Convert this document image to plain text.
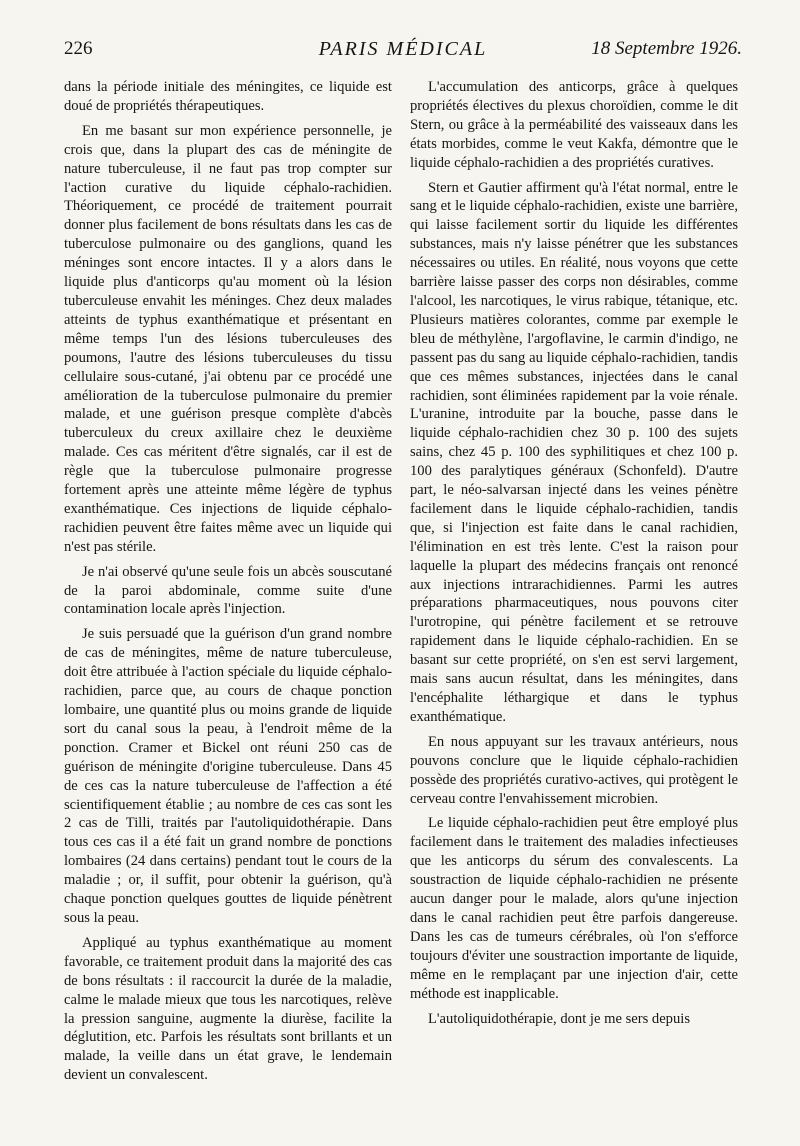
226	PARIS MÉDICAL	18 Septembre 1926.

dans la période initiale des méningites, ce liquide est doué de propriétés thérapeutiques.

En me basant sur mon expérience personnelle, je crois que, dans la plupart des cas de méningite de nature tuberculeuse, il ne faut pas trop compter sur l'action curative du liquide céphalo-rachidien. Théoriquement, ce procédé de traitement pourrait donner plus facilement de bons résultats dans les cas de tuberculose pulmonaire ou des ganglions, quand les méninges sont encore intactes. Il y a alors dans le liquide plus d'anticorps qu'au moment où la lésion tuberculeuse envahit les méninges. Chez deux malades atteints de typhus exanthématique et présentant en même temps l'un des lésions tuberculeuses des poumons, l'autre des lésions tuberculeuses du tissu cellulaire sous-cutané, j'ai obtenu par ce procédé une amélioration de la tuberculose pulmonaire du premier malade, et une guérison presque complète d'abcès tuberculeux du creux axillaire chez le deuxième malade. Ces cas méritent d'être signalés, car il est de règle que la tuberculose pulmonaire progresse fortement après une atteinte même légère de typhus exanthématique. Ces injections de liquide céphalo-rachidien peuvent être faites même avec un liquide qui n'est pas stérile.

Je n'ai observé qu'une seule fois un abcès souscutané de la paroi abdominale, comme suite d'une contamination locale après l'injection.

Je suis persuadé que la guérison d'un grand nombre de cas de méningites, même de nature tuberculeuse, doit être attribuée à l'action spéciale du liquide céphalo-rachidien, parce que, au cours de chaque ponction lombaire, une quantité plus ou moins grande de liquide sort du canal sous la peau, à l'endroit même de la ponction. Cramer et Bickel ont réuni 250 cas de guérison de méningite d'origine tuberculeuse. Dans 45 de ces cas la nature tuberculeuse de l'affection a été scientifiquement établie ; au nombre de ces cas sont les 2 cas de Tilli, traités par l'autoliquidothérapie. Dans tous ces cas il a été fait un grand nombre de ponctions lombaires (24 dans certains) pendant tout le cours de la maladie ; or, il suffit, pour obtenir la guérison, qu'à chaque ponction quelques gouttes de liquide pénètrent sous la peau.

Appliqué au typhus exanthématique au moment favorable, ce traitement produit dans la majorité des cas de bons résultats : il raccourcit la durée de la maladie, calme le malade mieux que tous les narcotiques, relève la pression sanguine, augmente la diurèse, facilite la déglutition, etc. Parfois les résultats sont brillants et un malade, la veille dans un état grave, le lendemain devient un convalescent.

L'accumulation des anticorps, grâce à quelques propriétés électives du plexus choroïdien, comme le dit Stern, ou grâce à la perméabilité des vaisseaux dans les états morbides, comme le veut Kakfa, démontre que le liquide céphalo-rachidien a des propriétés curatives.

Stern et Gautier affirment qu'à l'état normal, entre le sang et le liquide céphalo-rachidien, existe une barrière, qui laisse facilement sortir du liquide les différentes substances, mais n'y laisse pénétrer que les substances nécessaires ou utiles. En réalité, nous voyons que cette barrière laisse passer des corps non désirables, comme l'alcool, les narcotiques, le virus rabique, tétanique, etc. Plusieurs matières colorantes, comme par exemple le bleu de méthylène, l'argoflavine, le carmin d'indigo, ne passent pas du sang au liquide céphalo-rachidien, tandis que ces mêmes substances, injectées dans le canal rachidien, sont éliminées rapidement par la voie rénale. L'uranine, introduite par la bouche, passe dans le liquide céphalo-rachidien chez 30 p. 100 des sujets sains, chez 45 p. 100 des syphilitiques et chez 100 p. 100 des paralytiques généraux (Schonfeld). D'autre part, le néo-salvarsan injecté dans les veines pénètre facilement dans le liquide céphalo-rachidien, tandis que, si l'injection est faite dans le canal rachidien, l'élimination en est très lente. C'est la raison pour laquelle la plupart des médecins français ont renoncé aux injections intrarachidiennes. Parmi les autres préparations pharmaceutiques, nous pouvons citer l'urotropine, qui pénètre facilement et se retrouve rapidement dans le liquide céphalo-rachidien. En se basant sur cette propriété, on s'en est servi largement, mais sans aucun résultat, dans les méningites, dans l'encéphalite léthargique et dans le typhus exanthématique.

En nous appuyant sur les travaux antérieurs, nous pouvons conclure que le liquide céphalo-rachidien possède des propriétés curativo-actives, qui protègent le cerveau contre l'envahissement microbien.

Le liquide céphalo-rachidien peut être employé plus facilement dans le traitement des maladies infectieuses que les anticorps du sérum des convalescents. La soustraction de liquide céphalo-rachidien ne présente aucun danger pour le malade, alors qu'une injection dans le canal rachidien peut être parfois dangereuse. Dans les cas de tumeurs cérébrales, où l'on s'efforce toujours d'éviter une soustraction importante de liquide, même en le remplaçant par une injection d'air, cette méthode est inapplicable.

L'autoliquidothérapie, dont je me sers depuis
